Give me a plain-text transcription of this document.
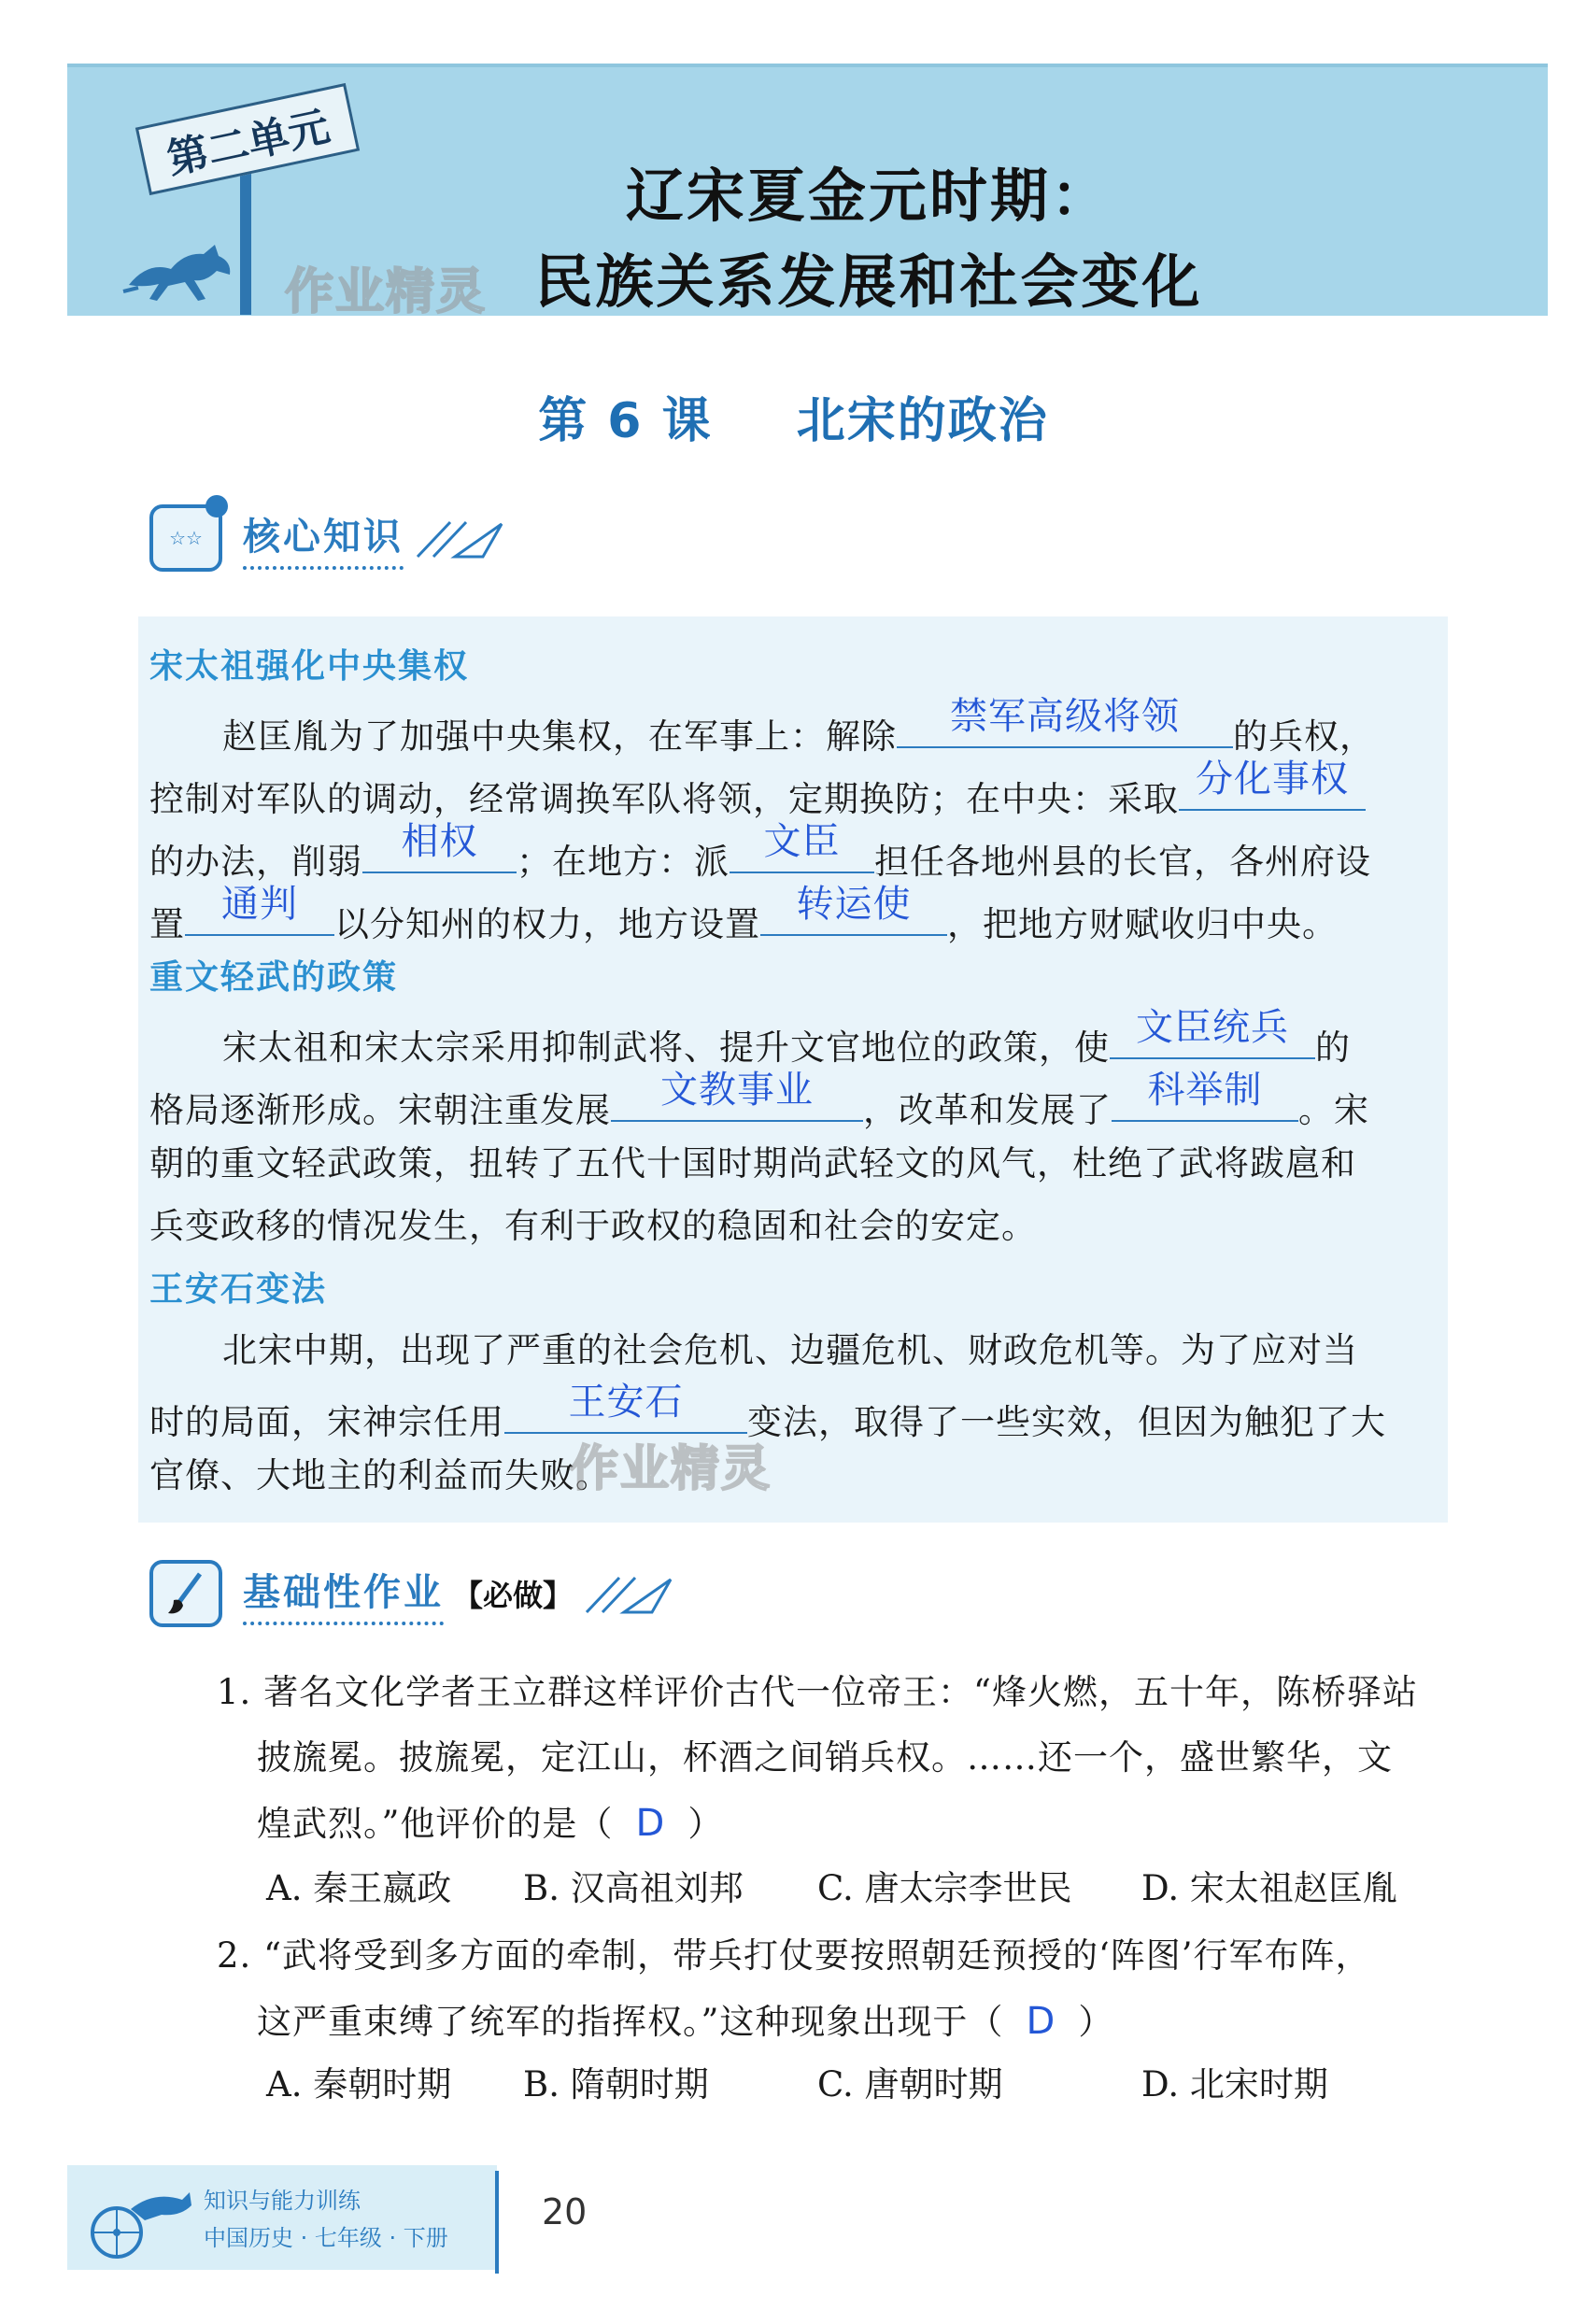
第二单元
辽宋夏金元时期：
民族关系发展和社会变化
作业精灵
第 6 课 北宋的政治
☆☆ 核心知识
宋太祖强化中央集权
赵匡胤为了加强中央集权，在军事上：解除	禁军高级将领	的兵权，
控制对军队的调动，经常调换军队将领，定期换防；在中央：采取 分化事权
的办法，削弱	相权	；在地方：派 文臣 担任各地州县的长官，各州府设
置 通判	以分知州的权力，地方设置 转运使	，把地方财赋收归中央。
重文轻武的政策
宋太祖和宋太宗采用抑制武将、提升文官地位的政策，使 文臣统兵 的
格局逐渐形成。宋朝注重发展	文教事业	，改革和发展了 科举制	。宋
朝的重文轻武政策，扭转了五代十国时期尚武轻文的风气，杜绝了武将跋扈和
兵变政移的情况发生，有利于政权的稳固和社会的安定。
王安石变法
北宋中期，出现了严重的社会危机、边疆危机、财政危机等。为了应对当
时的局面，宋神宗任用	王安石	变法，取得了一些实效，但因为触犯了大
官僚、大地主的利益而失败。
作业精灵
基础性作业 【必做】
1. 著名文化学者王立群这样评价古代一位帝王：“烽火燃，五十年，陈桥驿站
披旒冕。披旒冕，定江山，杯酒之间销兵权。……还一个，盛世繁华，文
煌武烈。”他评价的是（ D ）
A. 秦王嬴政 B. 汉高祖刘邦 C. 唐太宗李世民 D. 宋太祖赵匡胤
2. “武将受到多方面的牵制，带兵打仗要按照朝廷预授的‘阵图’行军布阵，
这严重束缚了统军的指挥权。”这种现象出现于（ D ）
A. 秦朝时期 B. 隋朝时期	C. 唐朝时期	D. 北宋时期
知识与能力训练
中国历史 · 七年级 · 下册
20
